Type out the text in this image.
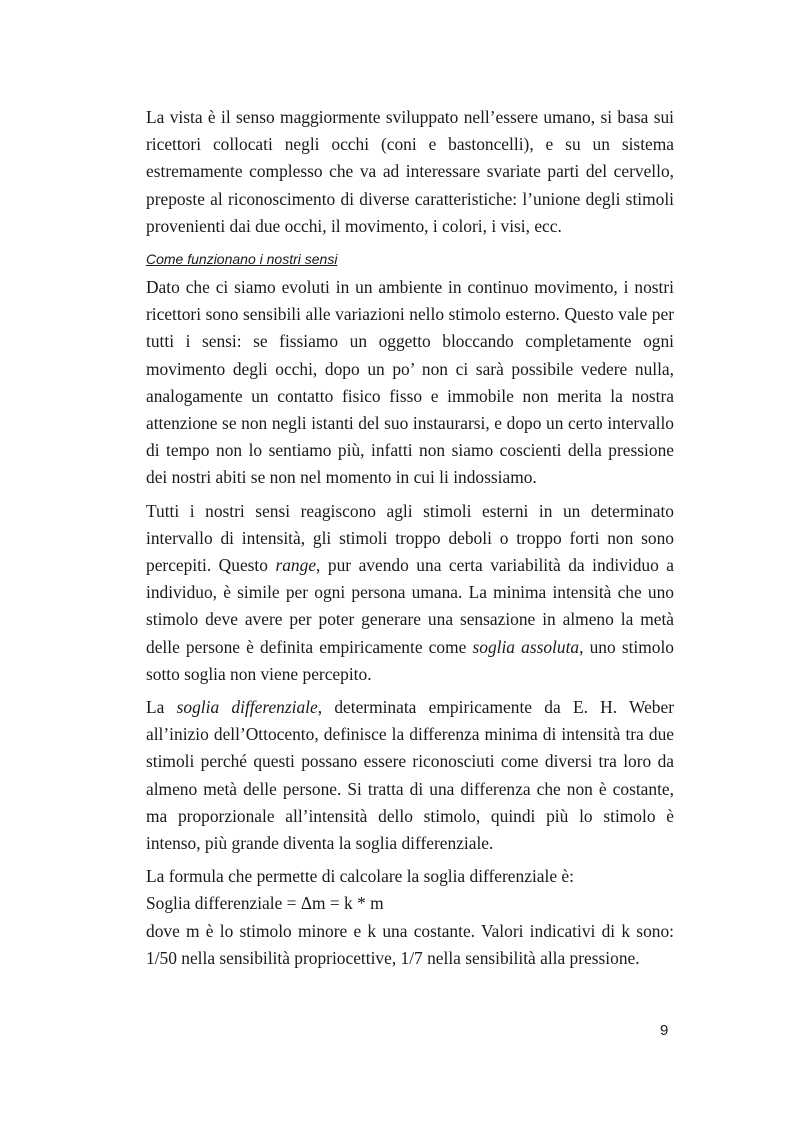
La vista è il senso maggiormente sviluppato nell’essere umano, si basa sui ricettori collocati negli occhi (coni e bastoncelli), e su un sistema estremamente complesso che va ad interessare svariate parti del cervello, preposte al riconoscimento di diverse caratteristiche: l’unione degli stimoli provenienti dai due occhi, il movimento, i colori, i visi, ecc.

Come funzionano i nostri sensi

Dato che ci siamo evoluti in un ambiente in continuo movimento, i nostri ricettori sono sensibili alle variazioni nello stimolo esterno. Questo vale per tutti i sensi: se fissiamo un oggetto bloccando completamente ogni movimento degli occhi, dopo un po’ non ci sarà possibile vedere nulla, analogamente un contatto fisico fisso e immobile non merita la nostra attenzione se non negli istanti del suo instaurarsi, e dopo un certo intervallo di tempo non lo sentiamo più, infatti non siamo coscienti della pressione dei nostri abiti se non nel momento in cui li indossiamo.

Tutti i nostri sensi reagiscono agli stimoli esterni in un determinato intervallo di intensità, gli stimoli troppo deboli o troppo forti non sono percepiti. Questo range, pur avendo una certa variabilità da individuo a individuo, è simile per ogni persona umana. La minima intensità che uno stimolo deve avere per poter generare una sensazione in almeno la metà delle persone è definita empiricamente come soglia assoluta, uno stimolo sotto soglia non viene percepito.

La soglia differenziale, determinata empiricamente da E. H. Weber all’inizio dell’Ottocento, definisce la differenza minima di intensità tra due stimoli perché questi possano essere riconosciuti come diversi tra loro da almeno metà delle persone. Si tratta di una differenza che non è costante, ma proporzionale all’intensità dello stimolo, quindi più lo stimolo è intenso, più grande diventa la soglia differenziale.

La formula che permette di calcolare la soglia differenziale è:

Soglia differenziale = Δm = k * m

dove m è lo stimolo minore e k una costante. Valori indicativi di k sono: 1/50 nella sensibilità propriocettive, 1/7 nella sensibilità alla pressione.

9
